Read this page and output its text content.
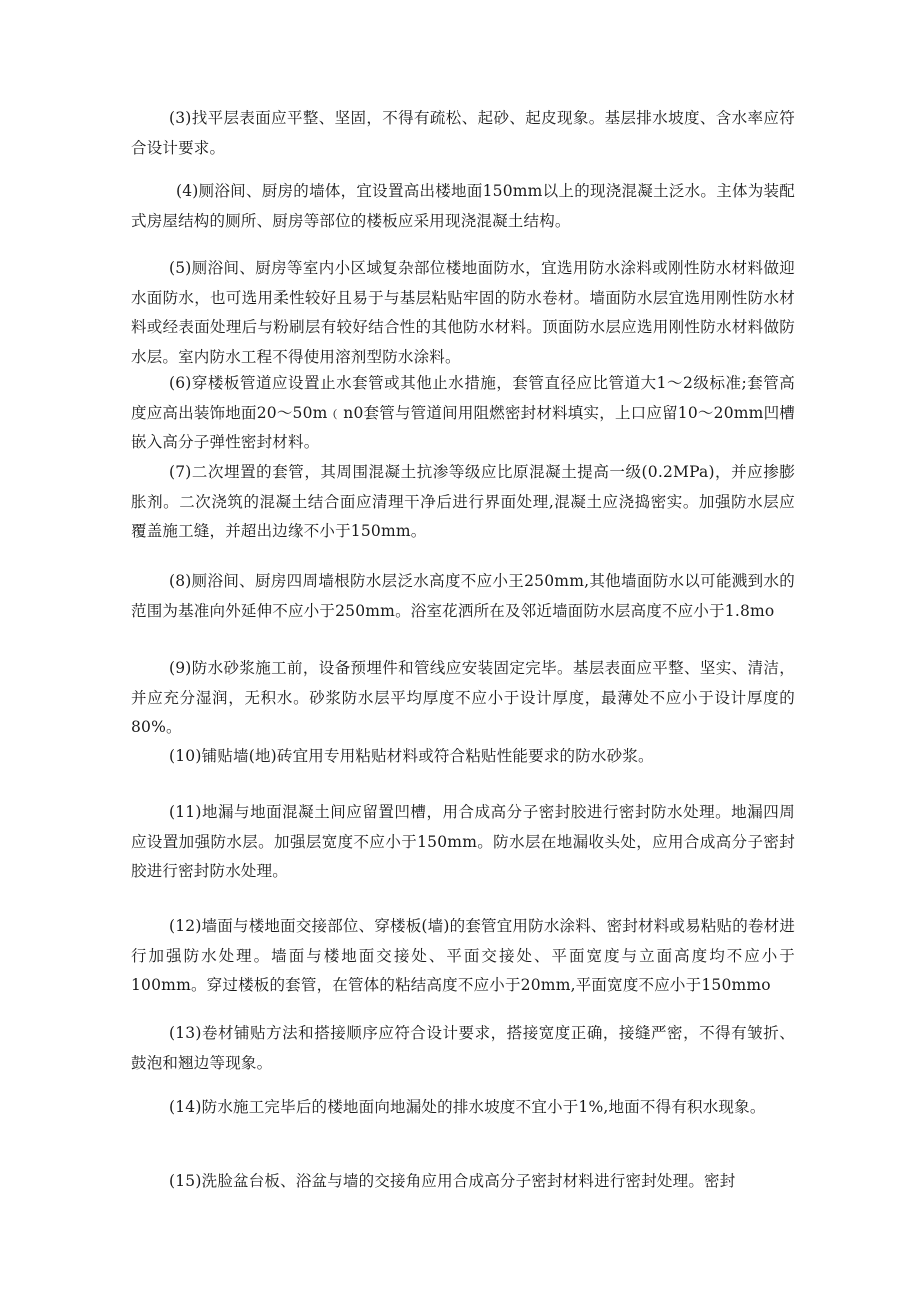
(3)找平层表面应平整、坚固，不得有疏松、起砂、起皮现象。基层排水坡度、含水率应符合设计要求。

(4)厕浴间、厨房的墙体，宜设置高出楼地面150mm以上的现浇混凝土泛水。主体为装配式房屋结构的厕所、厨房等部位的楼板应采用现浇混凝土结构。

(5)厕浴间、厨房等室内小区域复杂部位楼地面防水，宜选用防水涂料或刚性防水材料做迎水面防水，也可选用柔性较好且易于与基层粘贴牢固的防水卷材。墙面防水层宜选用刚性防水材料或经表面处理后与粉刷层有较好结合性的其他防水材料。顶面防水层应选用刚性防水材料做防水层。室内防水工程不得使用溶剂型防水涂料。

(6)穿楼板管道应设置止水套管或其他止水措施，套管直径应比管道大1～2级标准;套管高度应高出装饰地面20～50m﹙n0套管与管道间用阻燃密封材料填实，上口应留10～20mm凹槽嵌入高分子弹性密封材料。

(7)二次埋置的套管，其周围混凝土抗渗等级应比原混凝土提高一级(0.2MPa)，并应掺膨胀剂。二次浇筑的混凝土结合面应清理干净后进行界面处理,混凝土应浇捣密实。加强防水层应覆盖施工缝，并超出边缘不小于150mm。

(8)厕浴间、厨房四周墙根防水层泛水高度不应小王250mm,其他墙面防水以可能溅到水的范围为基准向外延伸不应小于250mm。浴室花洒所在及邻近墙面防水层高度不应小于1.8mo

(9)防水砂浆施工前，设备预埋件和管线应安装固定完毕。基层表面应平整、坚实、清洁，并应充分湿润，无积水。砂浆防水层平均厚度不应小于设计厚度，最薄处不应小于设计厚度的80%。

(10)铺贴墙(地)砖宜用专用粘贴材料或符合粘贴性能要求的防水砂浆。

(11)地漏与地面混凝土间应留置凹槽，用合成高分子密封胶进行密封防水处理。地漏四周应设置加强防水层。加强层宽度不应小于150mm。防水层在地漏收头处，应用合成高分子密封胶进行密封防水处理。

(12)墙面与楼地面交接部位、穿楼板(墙)的套管宜用防水涂料、密封材料或易粘贴的卷材进行加强防水处理。墙面与楼地面交接处、平面交接处、平面宽度与立面高度均不应小于100mm。穿过楼板的套管，在管体的粘结高度不应小于20mm,平面宽度不应小于150mmo

(13)卷材铺贴方法和搭接顺序应符合设计要求，搭接宽度正确，接缝严密，不得有皱折、鼓泡和翘边等现象。

(14)防水施工完毕后的楼地面向地漏处的排水坡度不宜小于1%,地面不得有积水现象。

(15)洗脸盆台板、浴盆与墙的交接角应用合成高分子密封材料进行密封处理。密封
